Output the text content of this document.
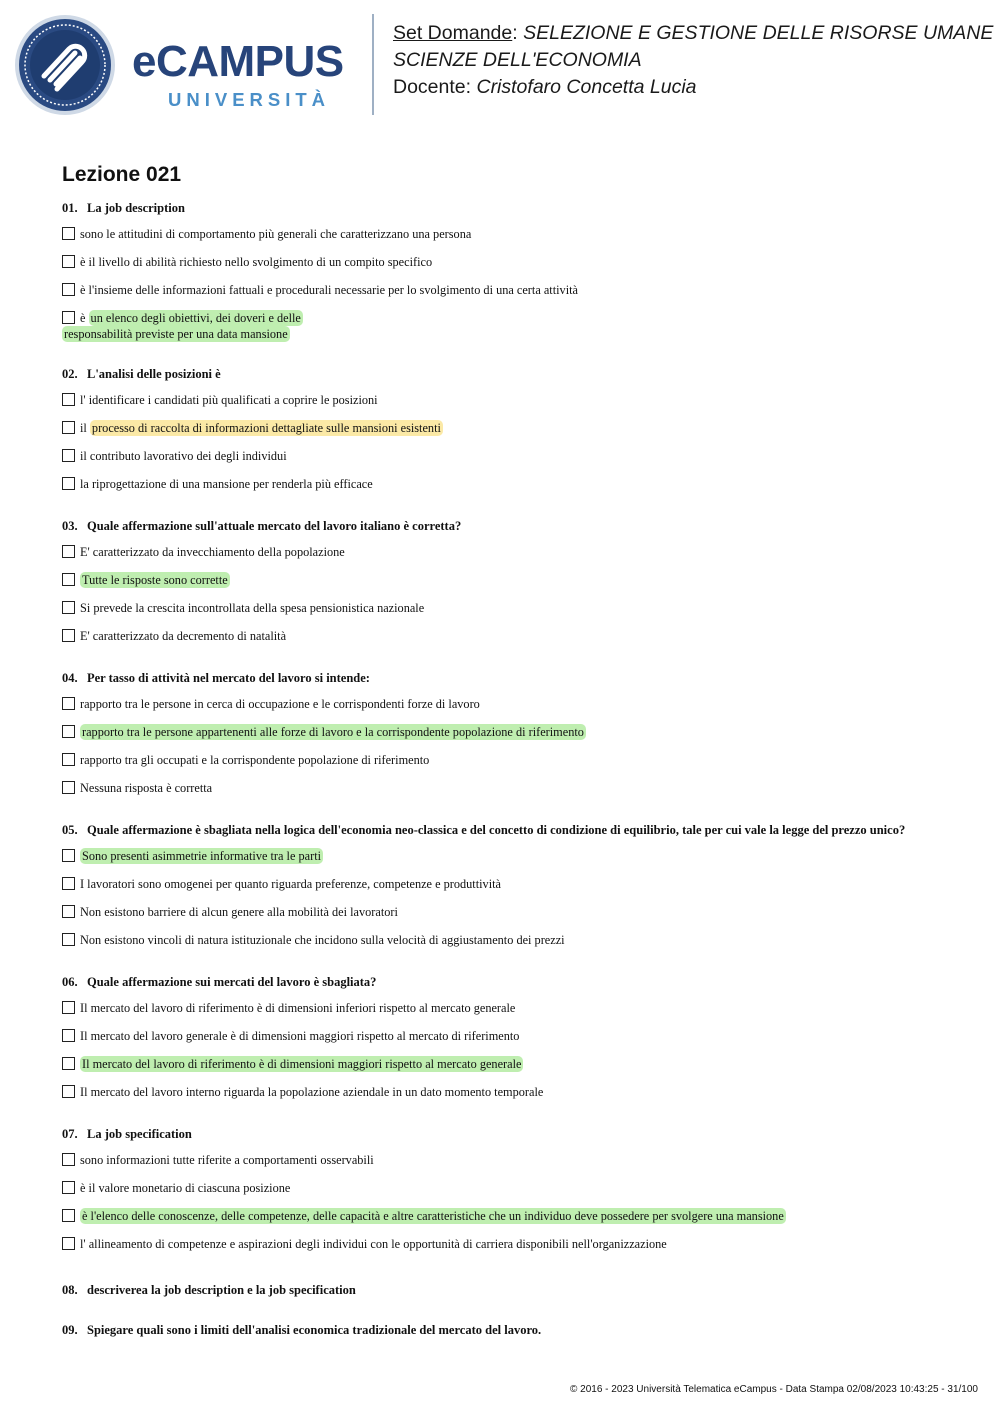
eCAMPUS
UNIVERSITÀ
Set Domande: SELEZIONE E GESTIONE DELLE RISORSE UMANE
SCIENZE DELL'ECONOMIA
Docente: Cristofaro Concetta Lucia
Lezione 021
01. La job description
sono le attitudini di comportamento più generali che caratterizzano una persona
è il livello di abilità richiesto nello svolgimento di un compito specifico
è l'insieme delle informazioni fattuali e procedurali necessarie per lo svolgimento di una certa attività
è un elenco degli obiettivi, dei doveri e delle
responsabilità previste per una data mansione
02. L'analisi delle posizioni è
l' identificare i candidati più qualificati a coprire le posizioni
il processo di raccolta di informazioni dettagliate sulle mansioni esistenti
il contributo lavorativo dei degli individui
la riprogettazione di una mansione per renderla più efficace
03. Quale affermazione sull'attuale mercato del lavoro italiano è corretta?
E' caratterizzato da invecchiamento della popolazione
Tutte le risposte sono corrette
Si prevede la crescita incontrollata della spesa pensionistica nazionale
E' caratterizzato da decremento di natalità
04. Per tasso di attività nel mercato del lavoro si intende:
rapporto tra le persone in cerca di occupazione e le corrispondenti forze di lavoro
rapporto tra le persone appartenenti alle forze di lavoro e la corrispondente popolazione di riferimento
rapporto tra gli occupati e la corrispondente popolazione di riferimento
Nessuna risposta è corretta
05. Quale affermazione è sbagliata nella logica dell'economia neo-classica e del concetto di condizione di equilibrio, tale per cui vale la legge del prezzo unico?
Sono presenti asimmetrie informative tra le parti
I lavoratori sono omogenei per quanto riguarda preferenze, competenze e produttività
Non esistono barriere di alcun genere alla mobilità dei lavoratori
Non esistono vincoli di natura istituzionale che incidono sulla velocità di aggiustamento dei prezzi
06. Quale affermazione sui mercati del lavoro è sbagliata?
Il mercato del lavoro di riferimento è di dimensioni inferiori rispetto al mercato generale
Il mercato del lavoro generale è di dimensioni maggiori rispetto al mercato di riferimento
Il mercato del lavoro di riferimento è di dimensioni maggiori rispetto al mercato generale
Il mercato del lavoro interno riguarda la popolazione aziendale in un dato momento temporale
07. La job specification
sono informazioni tutte riferite a comportamenti osservabili
è il valore monetario di ciascuna posizione
è l'elenco delle conoscenze, delle competenze, delle capacità e altre caratteristiche che un individuo deve possedere per svolgere una mansione
l' allineamento di competenze e aspirazioni degli individui con le opportunità di carriera disponibili nell'organizzazione
08. descriverea la job description e la job specification
09. Spiegare quali sono i limiti dell'analisi economica tradizionale del mercato del lavoro.
© 2016 - 2023 Università Telematica eCampus - Data Stampa 02/08/2023 10:43:25 - 31/100
